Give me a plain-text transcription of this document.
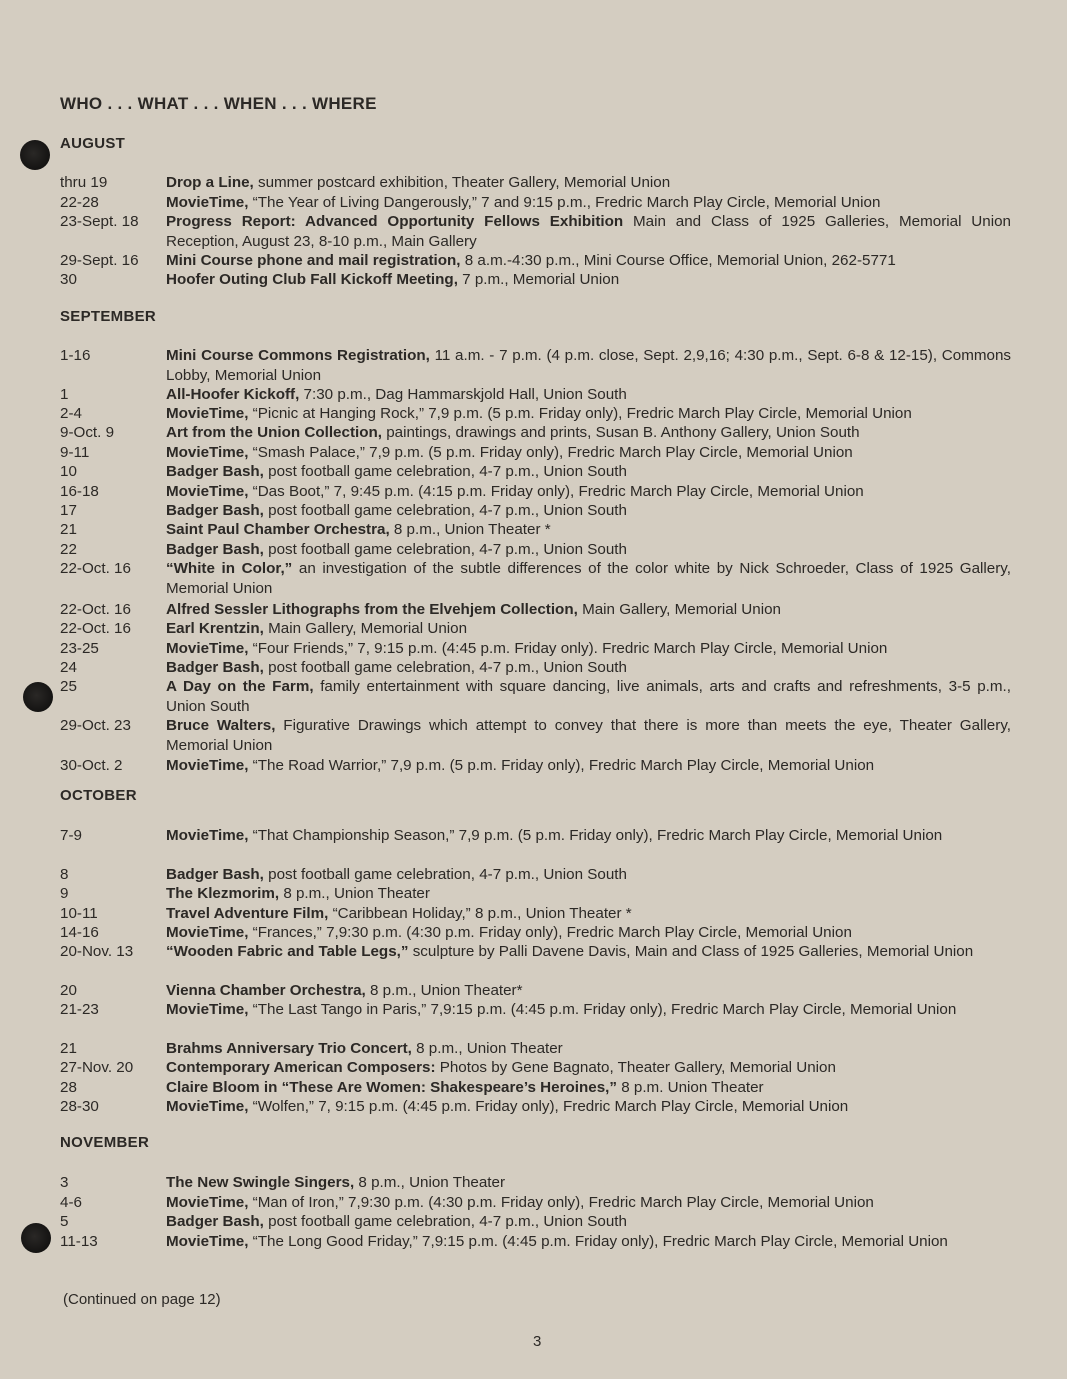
WHO . . . WHAT . . . WHEN . . . WHERE
AUGUST
thru 19	Drop a Line, summer postcard exhibition, Theater Gallery, Memorial Union
22-28	MovieTime, “The Year of Living Dangerously,” 7 and 9:15 p.m., Fredric March Play Circle, Memorial Union
23-Sept. 18	Progress Report: Advanced Opportunity Fellows Exhibition Main and Class of 1925 Galleries, Memorial Union Reception, August 23, 8-10 p.m., Main Gallery
29-Sept. 16	Mini Course phone and mail registration, 8 a.m.-4:30 p.m., Mini Course Office, Memorial Union, 262-5771
30	Hoofer Outing Club Fall Kickoff Meeting, 7 p.m., Memorial Union
SEPTEMBER
1-16	Mini Course Commons Registration, 11 a.m. - 7 p.m. (4 p.m. close, Sept. 2,9,16; 4:30 p.m., Sept. 6-8 & 12-15), Commons Lobby, Memorial Union
1	All-Hoofer Kickoff, 7:30 p.m., Dag Hammarskjold Hall, Union South
2-4	MovieTime, “Picnic at Hanging Rock,” 7,9 p.m. (5 p.m. Friday only), Fredric March Play Circle, Memorial Union
9-Oct. 9	Art from the Union Collection, paintings, drawings and prints, Susan B. Anthony Gallery, Union South
9-11	MovieTime, “Smash Palace,” 7,9 p.m. (5 p.m. Friday only), Fredric March Play Circle, Memorial Union
10	Badger Bash, post football game celebration, 4-7 p.m., Union South
16-18	MovieTime, “Das Boot,” 7, 9:45 p.m. (4:15 p.m. Friday only), Fredric March Play Circle, Memorial Union
17	Badger Bash, post football game celebration, 4-7 p.m., Union South
21	Saint Paul Chamber Orchestra, 8 p.m., Union Theater *
22	Badger Bash, post football game celebration, 4-7 p.m., Union South
22-Oct. 16	“White in Color,” an investigation of the subtle differences of the color white by Nick Schroeder, Class of 1925 Gallery, Memorial Union
22-Oct. 16	Alfred Sessler Lithographs from the Elvehjem Collection, Main Gallery, Memorial Union
22-Oct. 16	Earl Krentzin, Main Gallery, Memorial Union
23-25	MovieTime, “Four Friends,” 7, 9:15 p.m. (4:45 p.m. Friday only). Fredric March Play Circle, Memorial Union
24	Badger Bash, post football game celebration, 4-7 p.m., Union South
25	A Day on the Farm, family entertainment with square dancing, live animals, arts and crafts and refreshments, 3-5 p.m., Union South
29-Oct. 23	Bruce Walters, Figurative Drawings which attempt to convey that there is more than meets the eye, Theater Gallery, Memorial Union
30-Oct. 2	MovieTime, “The Road Warrior,” 7,9 p.m. (5 p.m. Friday only), Fredric March Play Circle, Memorial Union
OCTOBER
7-9	MovieTime, “That Championship Season,” 7,9 p.m. (5 p.m. Friday only), Fredric March Play Circle, Memorial Union
8	Badger Bash, post football game celebration, 4-7 p.m., Union South
9	The Klezmorim, 8 p.m., Union Theater
10-11	Travel Adventure Film, “Caribbean Holiday,” 8 p.m., Union Theater *
14-16	MovieTime, “Frances,” 7,9:30 p.m. (4:30 p.m. Friday only), Fredric March Play Circle, Memorial Union
20-Nov. 13	“Wooden Fabric and Table Legs,” sculpture by Palli Davene Davis, Main and Class of 1925 Galleries, Memorial Union
20	Vienna Chamber Orchestra, 8 p.m., Union Theater*
21-23	MovieTime, “The Last Tango in Paris,” 7,9:15 p.m. (4:45 p.m. Friday only), Fredric March Play Circle, Memorial Union
21	Brahms Anniversary Trio Concert, 8 p.m., Union Theater
27-Nov. 20	Contemporary American Composers: Photos by Gene Bagnato, Theater Gallery, Memorial Union
28	Claire Bloom in “These Are Women: Shakespeare’s Heroines,” 8 p.m. Union Theater
28-30	MovieTime, “Wolfen,” 7, 9:15 p.m. (4:45 p.m. Friday only), Fredric March Play Circle, Memorial Union
NOVEMBER
3	The New Swingle Singers, 8 p.m., Union Theater
4-6	MovieTime, “Man of Iron,” 7,9:30 p.m. (4:30 p.m. Friday only), Fredric March Play Circle, Memorial Union
5	Badger Bash, post football game celebration, 4-7 p.m., Union South
11-13	MovieTime, “The Long Good Friday,” 7,9:15 p.m. (4:45 p.m. Friday only), Fredric March Play Circle, Memorial Union
(Continued on page 12)
3
